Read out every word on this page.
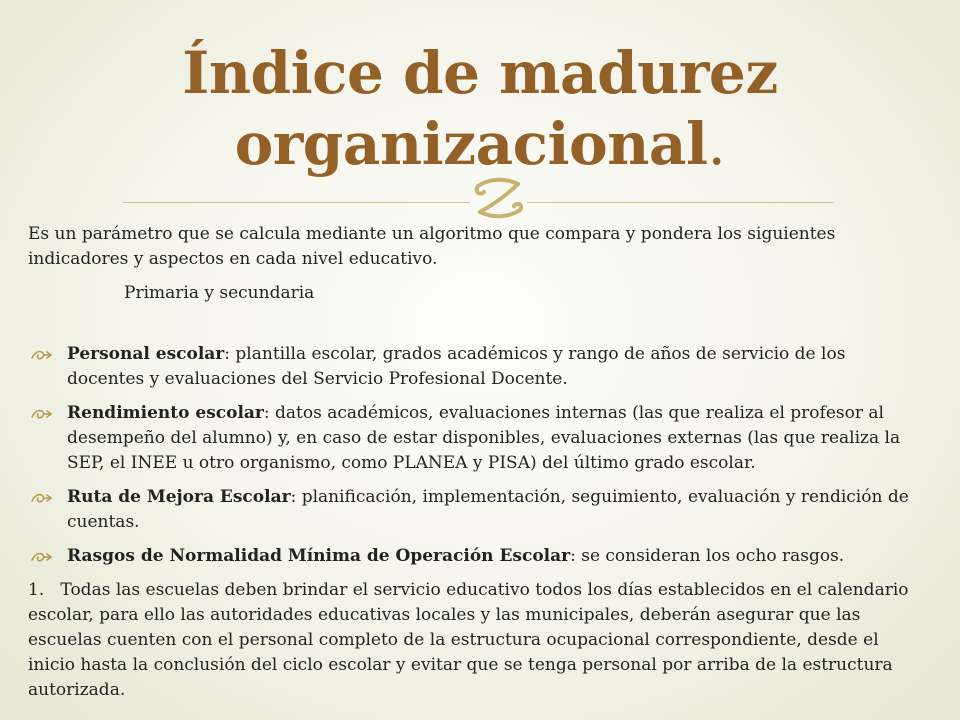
Índice de madurez
organizacional.

Es un parámetro que se calcula mediante un algoritmo que compara y pondera los siguientes indicadores y aspectos en cada nivel educativo.

Primaria y secundaria

Personal escolar: plantilla escolar, grados académicos y rango de años de servicio de los docentes y evaluaciones del Servicio Profesional Docente.

Rendimiento escolar: datos académicos, evaluaciones internas (las que realiza el profesor al desempeño del alumno) y, en caso de estar disponibles, evaluaciones externas (las que realiza la SEP, el INEE u otro organismo, como PLANEA y PISA) del último grado escolar.

Ruta de Mejora Escolar: planificación, implementación, seguimiento, evaluación y rendición de cuentas.

Rasgos de Normalidad Mínima de Operación Escolar: se consideran los ocho rasgos.

1.   Todas las escuelas deben brindar el servicio educativo todos los días establecidos en el calendario escolar, para ello las autoridades educativas locales y las municipales, deberán asegurar que las escuelas cuenten con el personal completo de la estructura ocupacional correspondiente, desde el inicio hasta la conclusión del ciclo escolar y evitar que se tenga personal por arriba de la estructura autorizada.
